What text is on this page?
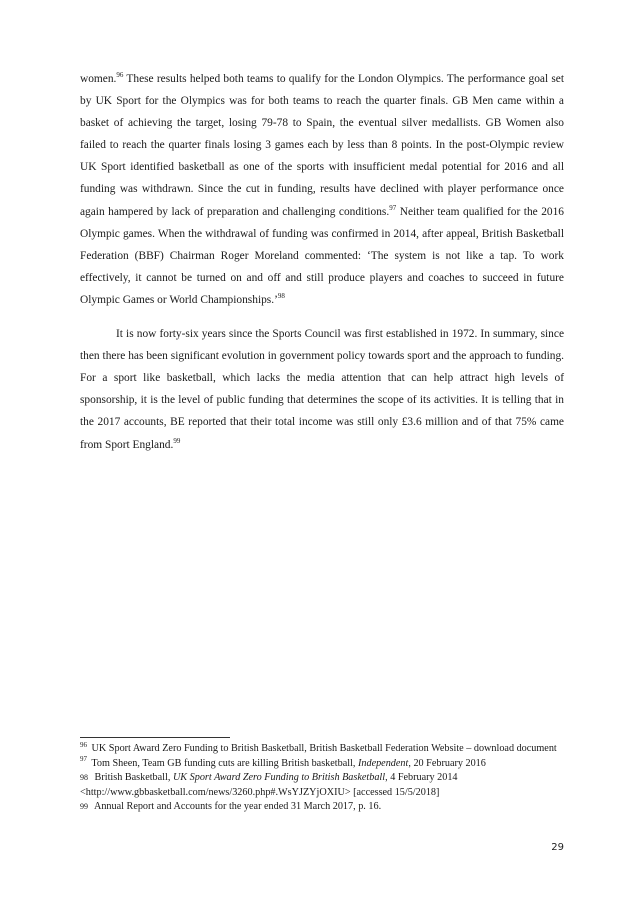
women.$^{96}$ These results helped both teams to qualify for the London Olympics. The performance goal set by UK Sport for the Olympics was for both teams to reach the quarter finals. GB Men came within a basket of achieving the target, losing 79-78 to Spain, the eventual silver medallists. GB Women also failed to reach the quarter finals losing 3 games each by less than 8 points. In the post-Olympic review UK Sport identified basketball as one of the sports with insufficient medal potential for 2016 and all funding was withdrawn. Since the cut in funding, results have declined with player performance once again hampered by lack of preparation and challenging conditions.$^{97}$ Neither team qualified for the 2016 Olympic games. When the withdrawal of funding was confirmed in 2014, after appeal, British Basketball Federation (BBF) Chairman Roger Moreland commented: ‘The system is not like a tap. To work effectively, it cannot be turned on and off and still produce players and coaches to succeed in future Olympic Games or World Championships.’$^{98}$

It is now forty-six years since the Sports Council was first established in 1972. In summary, since then there has been significant evolution in government policy towards sport and the approach to funding. For a sport like basketball, which lacks the media attention that can help attract high levels of sponsorship, it is the level of public funding that determines the scope of its activities. It is telling that in the 2017 accounts, BE reported that their total income was still only £3.6 million and of that 75% came from Sport England.$^{99}$

$^{96}$ UK Sport Award Zero Funding to British Basketball, British Basketball Federation Website – download document

$^{97}$ Tom Sheen, Team GB funding cuts are killing British basketball, Independent, 20 February 2016

98 British Basketball, UK Sport Award Zero Funding to British Basketball, 4 February 2014
<http://www.gbbasketball.com/news/3260.php#.WsYJZYjOXIU> [accessed 15/5/2018]

99 Annual Report and Accounts for the year ended 31 March 2017, p. 16.

29
